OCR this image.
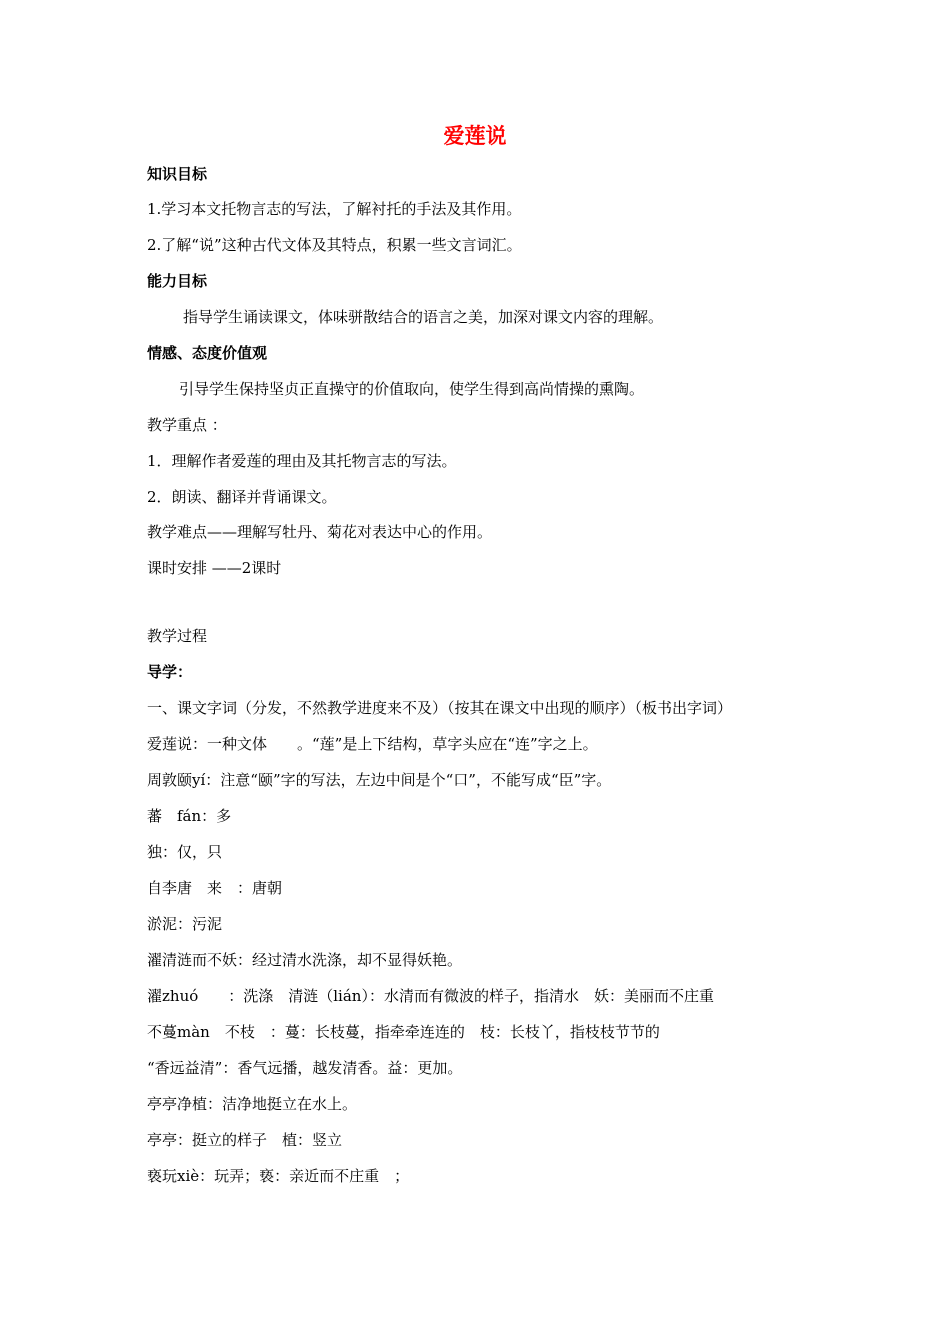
爱莲说
知识目标
1.学习本文托物言志的写法，了解衬托的手法及其作用。
2.了解“说”这种古代文体及其特点，积累一些文言词汇。
能力目标
指导学生诵读课文，体味骈散结合的语言之美，加深对课文内容的理解。
情感、态度价值观
引导学生保持坚贞正直操守的价值取向，使学生得到高尚情操的熏陶。
教学重点 ：
1．理解作者爱莲的理由及其托物言志的写法。
2．朗读、翻译并背诵课文。
教学难点——理解写牡丹、菊花对表达中心的作用。
课时安排 ——2课时
教学过程
导学：
一、课文字词（分发，不然教学进度来不及）（按其在课文中出现的顺序）（板书出字词）
爱莲说：一种文体　　。“莲”是上下结构，草字头应在“连”字之上。
周敦颐yí：注意“颐”字的写法，左边中间是个“口”，不能写成“臣”字。
蕃　fán：多
独：仅，只
自李唐　来　：唐朝
淤泥：污泥
濯清涟而不妖：经过清水洗涤，却不显得妖艳。
濯zhuó　　：洗涤　清涟（lián）：水清而有微波的样子，指清水　妖：美丽而不庄重
不蔓màn　不枝　：蔓：长枝蔓，指牵牵连连的　枝：长枝丫，指枝枝节节的
“香远益清”：香气远播，越发清香。益：更加。
亭亭净植：洁净地挺立在水上。
亭亭：挺立的样子　植：竖立
亵玩xiè：玩弄；亵：亲近而不庄重　；
